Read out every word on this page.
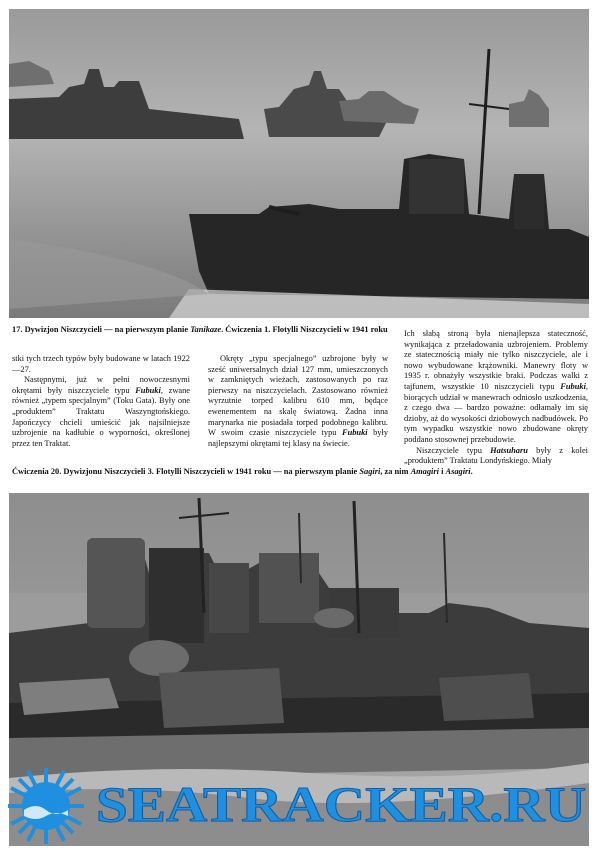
17. Dywizjon Niszczycieli — na pierwszym planie Tanikaze. Ćwiczenia 1. Flotylli Niszczycieli w 1941 roku

stki tych trzech typów były budowane w latach 1922—27.

Następnymi, już w pełni nowoczesnymi okrętami były niszczyciele typu Fubuki, zwane również „typem specjalnym” (Toku Gata). Były one „produktem” Traktatu Waszyngtońskiego. Japończycy chcieli umieścić jak najsilniejsze uzbrojenie na kadłubie o wyporności, określonej przez ten Traktat.

Okręty „typu specjalnego” uzbrojone były w sześć uniwersalnych dział 127 mm, umieszczonych w zamkniętych wieżach, zastosowanych po raz pierwszy na niszczycielach. Zastosowano również wyrzutnie torped kalibru 610 mm, będące ewenementem na skalę światową. Żadna inna marynarka nie posiadała torped podobnego kalibru. W swoim czasie niszczyciele typu Fubuki były najlepszymi okrętami tej klasy na świecie.

Ich słabą stroną była nienajlepsza stateczność, wynikająca z przeładowania uzbrojeniem. Problemy ze statecznością miały nie tylko niszczyciele, ale i nowo wybudowane krążowniki. Manewry floty w 1935 r. obnażyły wszystkie braki. Podczas walki z tajfunem, wszystkie 10 niszczycieli typu Fubuki, biorących udział w manewrach odniosło uszkodzenia, z czego dwa — bardzo poważne: odłamały im się dzioby, aż do wysokości dziobowych nadbudówek. Po tym wypadku wszystkie nowo zbudowane okręty poddano stosownej przebudowie.

Niszczyciele typu Hatsuharu były z kolei „produktem” Traktatu Londyńskiego. Miały

Ćwiczenia 20. Dywizjonu Niszczycieli 3. Flotylli Niszczycieli w 1941 roku — na pierwszym planie Sagiri, za nim Amagiri i Asagiri.
SEATRACKER.RU
